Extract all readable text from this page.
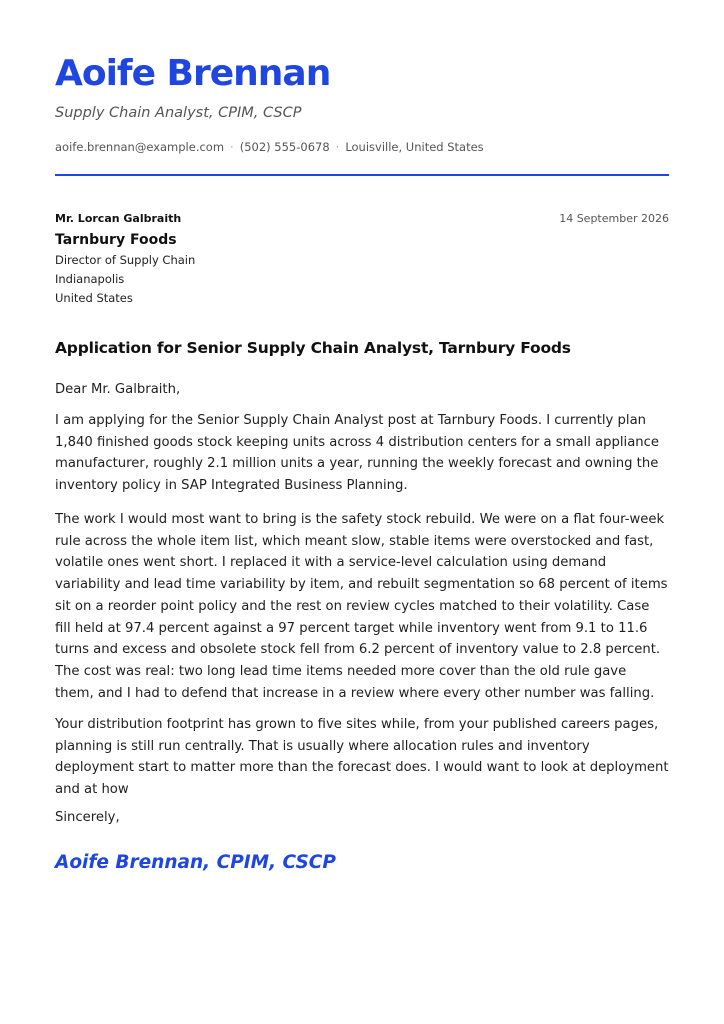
Aoife Brennan
Supply Chain Analyst, CPIM, CSCP
aoife.brennan@example.com · (502) 555-0678 · Louisville, United States
Mr. Lorcan Galbraith	14 September 2026
Tarnbury Foods
Director of Supply Chain
Indianapolis
United States
Application for Senior Supply Chain Analyst, Tarnbury Foods
Dear Mr. Galbraith,
I am applying for the Senior Supply Chain Analyst post at Tarnbury Foods. I currently plan 1,840 finished goods stock keeping units across 4 distribution centers for a small appliance manufacturer, roughly 2.1 million units a year, running the weekly forecast and owning the inventory policy in SAP Integrated Business Planning.
The work I would most want to bring is the safety stock rebuild. We were on a flat four-week rule across the whole item list, which meant slow, stable items were overstocked and fast, volatile ones went short. I replaced it with a service-level calculation using demand variability and lead time variability by item, and rebuilt segmentation so 68 percent of items sit on a reorder point policy and the rest on review cycles matched to their volatility. Case fill held at 97.4 percent against a 97 percent target while inventory went from 9.1 to 11.6 turns and excess and obsolete stock fell from 6.2 percent of inventory value to 2.8 percent. The cost was real: two long lead time items needed more cover than the old rule gave them, and I had to defend that increase in a review where every other number was falling.
Your distribution footprint has grown to five sites while, from your published careers pages, planning is still run centrally. That is usually where allocation rules and inventory deployment start to matter more than the forecast does. I would want to look at deployment and at how
Sincerely,
Aoife Brennan, CPIM, CSCP
